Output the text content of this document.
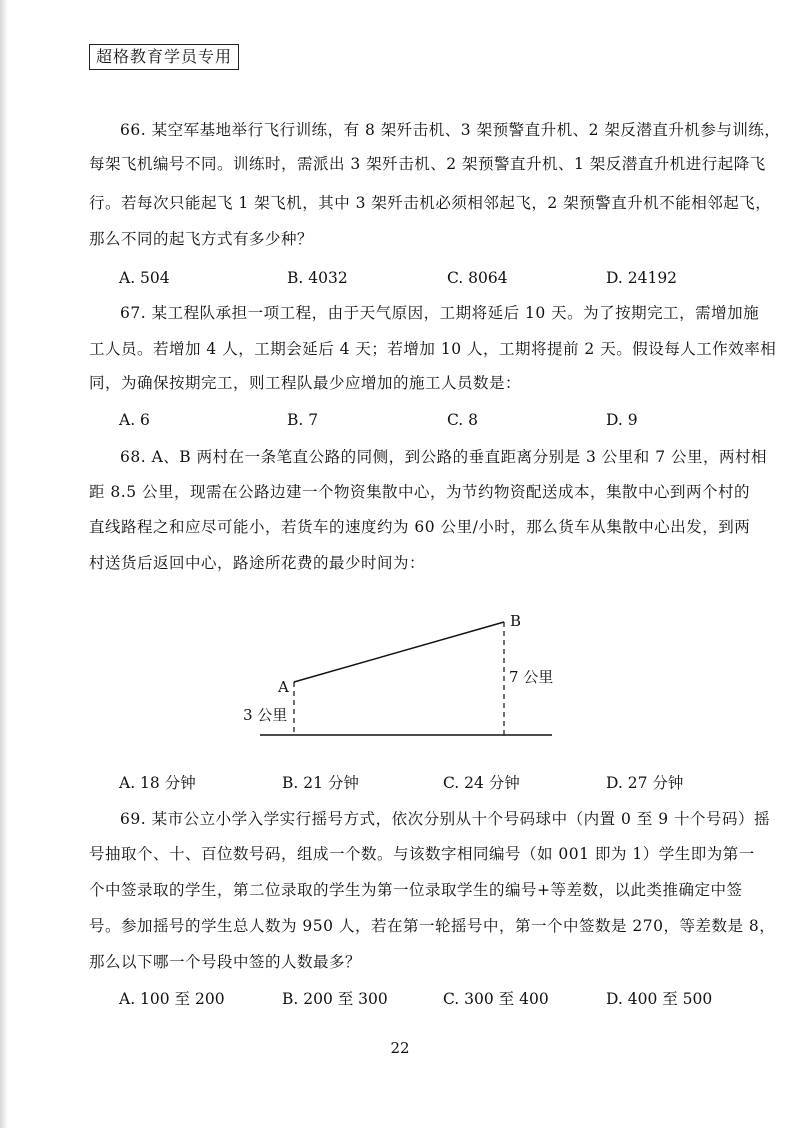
超格教育学员专用
66. 某空军基地举行飞行训练，有 8 架歼击机、3 架预警直升机、2 架反潜直升机参与训练，
每架飞机编号不同。训练时，需派出 3 架歼击机、2 架预警直升机、1 架反潜直升机进行起降飞
行。若每次只能起飞 1 架飞机，其中 3 架歼击机必须相邻起飞，2 架预警直升机不能相邻起飞，
那么不同的起飞方式有多少种？
A. 504	B. 4032	C. 8064	D. 24192
67. 某工程队承担一项工程，由于天气原因，工期将延后 10 天。为了按期完工，需增加施
工人员。若增加 4 人，工期会延后 4 天；若增加 10 人，工期将提前 2 天。假设每人工作效率相
同，为确保按期完工，则工程队最少应增加的施工人员数是：
A. 6	B. 7	C. 8	D. 9
68. A、B 两村在一条笔直公路的同侧，到公路的垂直距离分别是 3 公里和 7 公里，两村相
距 8.5 公里，现需在公路边建一个物资集散中心，为节约物资配送成本，集散中心到两个村的
直线路程之和应尽可能小，若货车的速度约为 60 公里/小时，那么货车从集散中心出发，到两
村送货后返回中心，路途所花费的最少时间为：
A
B
3 公里
7 公里
A. 18 分钟	B. 21 分钟	C. 24 分钟	D. 27 分钟
69. 某市公立小学入学实行摇号方式，依次分别从十个号码球中（内置 0 至 9 十个号码）摇
号抽取个、十、百位数号码，组成一个数。与该数字相同编号（如 001 即为 1）学生即为第一
个中签录取的学生，第二位录取的学生为第一位录取学生的编号+等差数，以此类推确定中签
号。参加摇号的学生总人数为 950 人，若在第一轮摇号中，第一个中签数是 270，等差数是 8，
那么以下哪一个号段中签的人数最多？
A. 100 至 200	B. 200 至 300	C. 300 至 400	D. 400 至 500
22
